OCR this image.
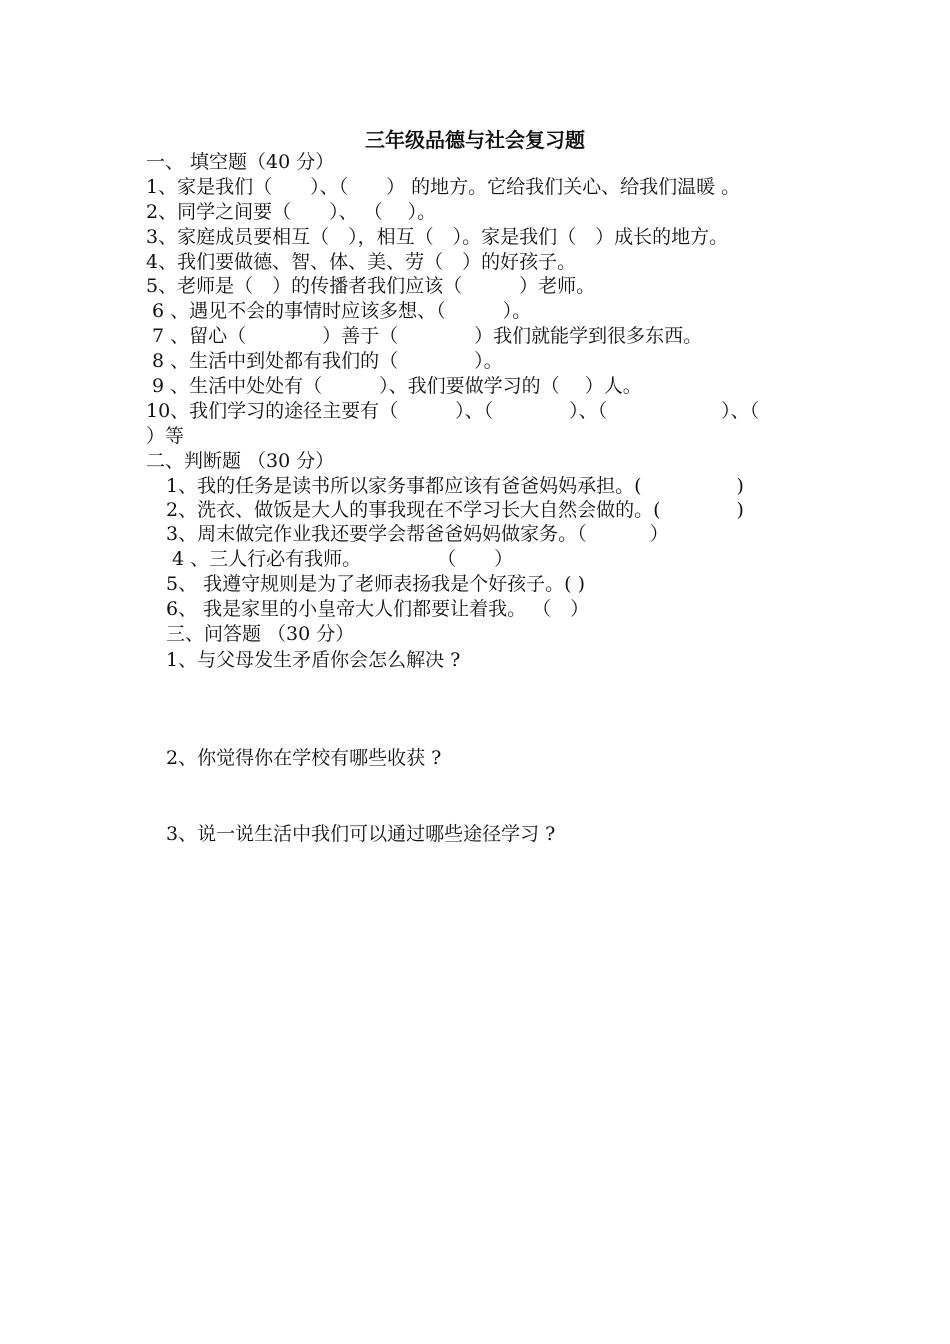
三年级品德与社会复习题
一、 填空题（40 分）
1、家是我们（　　）、（　　） 的地方。它给我们关心、给我们温暖 。
2、同学之间要（　　）、 （　 ）。
3、家庭成员要相互（　），相互（　）。家是我们（　）成长的地方。
4、我们要做德、智、体、美、劳（　）的好孩子。
5、老师是（　）的传播者我们应该（　　　）老师。
6 、遇见不会的事情时应该多想、（　　　）。
7 、留心（　　　　）善于（　　　　）我们就能学到很多东西。
8 、生活中到处都有我们的（　　　　）。
9 、生活中处处有（　　　）、我们要做学习的（　 ）人。
10、我们学习的途径主要有（　　　）、（　　　　）、（　　　　　　）、（
）等
二、判断题 （30 分）
1、我的任务是读书所以家务事都应该有爸爸妈妈承担。(　　　　　)
2、洗衣、做饭是大人的事我现在不学习长大自然会做的。(　　　　)
3、周末做完作业我还要学会帮爸爸妈妈做家务。（　　　 ）
4 、三人行必有我师。　　　　　（　　）
5、 我遵守规则是为了老师表扬我是个好孩子。( )
6、 我是家里的小皇帝大人们都要让着我。 （　）
三、问答题 （30 分）
1、与父母发生矛盾你会怎么解决 ?
2、你觉得你在学校有哪些收获 ?
3、说一说生活中我们可以通过哪些途径学习 ?
